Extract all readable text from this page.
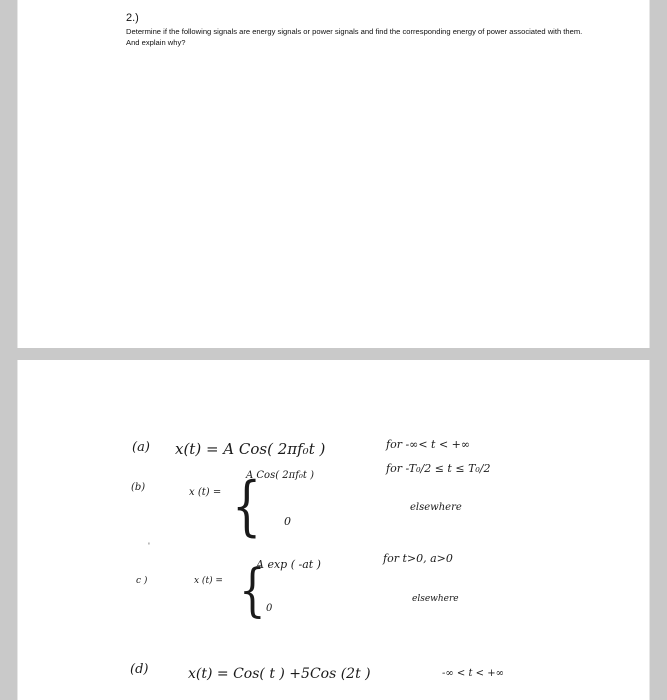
2.)
Determine if the following signals are energy signals or power signals and find the corresponding energy of power associated with them. And explain why?
(a) x(t) = A Cos( 2πf₀t )	for -∞< t < +∞
(b)	x (t) = {
A Cos( 2πf₀t )
for -T₀/2 ≤ t ≤ T₀/2
0
elsewhere
'
c )	x (t) = {
A exp ( -at )	for t>0, a>0
0
elsewhere
(d)	x(t) = Cos( t ) +5Cos (2t )	-∞ < t < +∞
